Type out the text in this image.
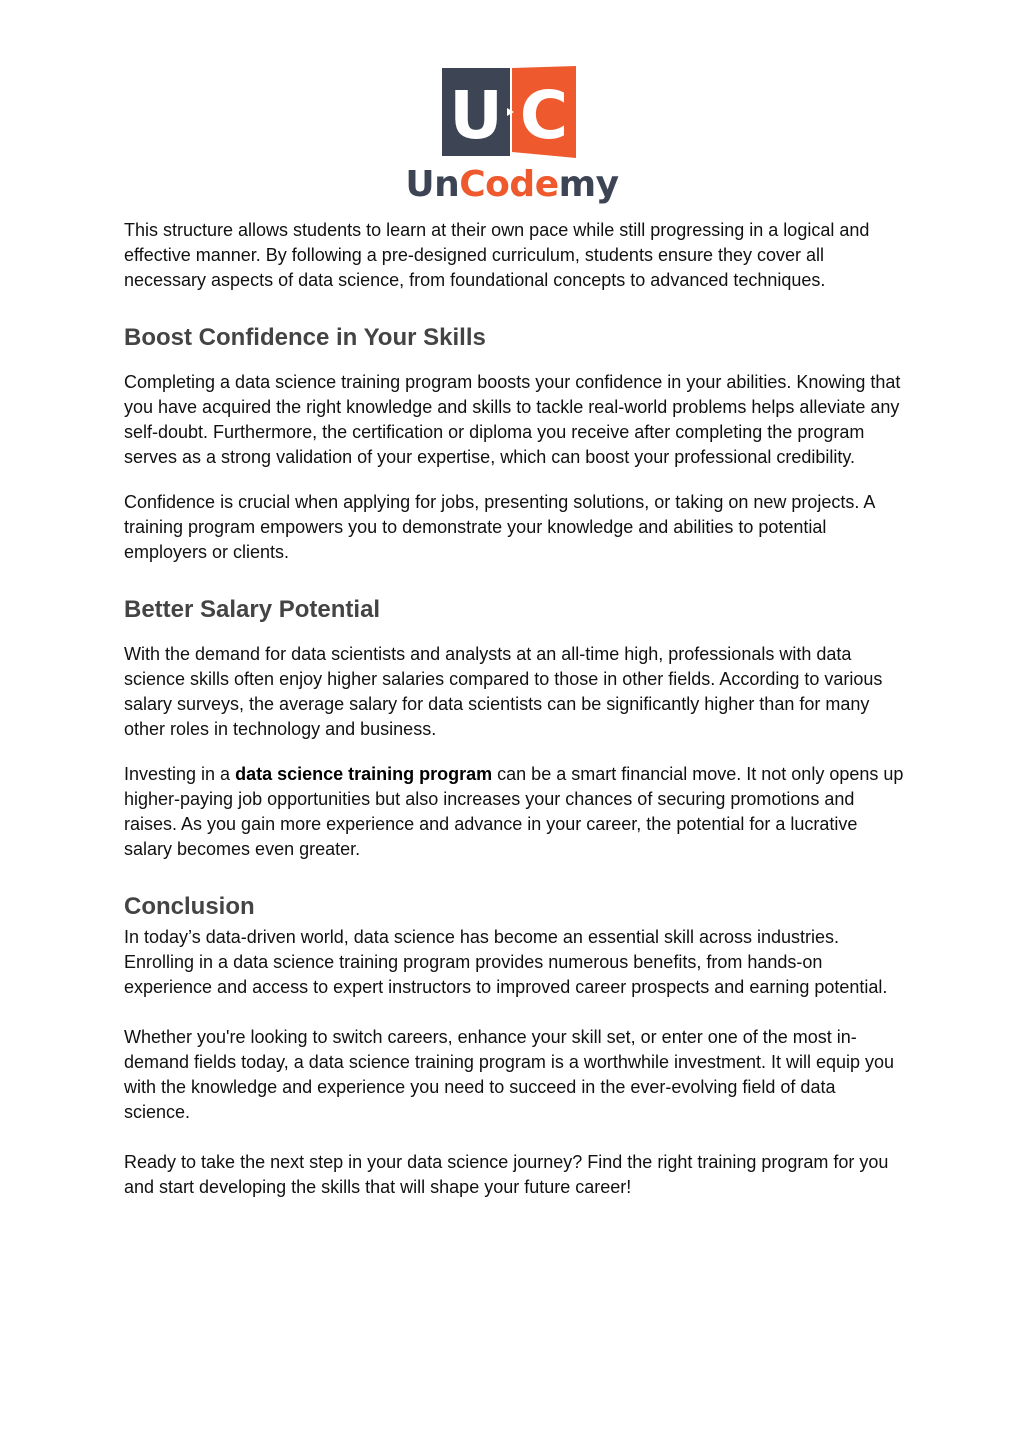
U C
UnCodemy

This structure allows students to learn at their own pace while still progressing in a logical and effective manner. By following a pre-designed curriculum, students ensure they cover all necessary aspects of data science, from foundational concepts to advanced techniques.

Boost Confidence in Your Skills

Completing a data science training program boosts your confidence in your abilities. Knowing that you have acquired the right knowledge and skills to tackle real-world problems helps alleviate any self-doubt. Furthermore, the certification or diploma you receive after completing the program serves as a strong validation of your expertise, which can boost your professional credibility.

Confidence is crucial when applying for jobs, presenting solutions, or taking on new projects. A training program empowers you to demonstrate your knowledge and abilities to potential employers or clients.

Better Salary Potential

With the demand for data scientists and analysts at an all-time high, professionals with data science skills often enjoy higher salaries compared to those in other fields. According to various salary surveys, the average salary for data scientists can be significantly higher than for many other roles in technology and business.

Investing in a data science training program can be a smart financial move. It not only opens up higher-paying job opportunities but also increases your chances of securing promotions and raises. As you gain more experience and advance in your career, the potential for a lucrative salary becomes even greater.

Conclusion

In today’s data-driven world, data science has become an essential skill across industries. Enrolling in a data science training program provides numerous benefits, from hands-on experience and access to expert instructors to improved career prospects and earning potential.

Whether you're looking to switch careers, enhance your skill set, or enter one of the most in-demand fields today, a data science training program is a worthwhile investment. It will equip you with the knowledge and experience you need to succeed in the ever-evolving field of data science.

Ready to take the next step in your data science journey? Find the right training program for you and start developing the skills that will shape your future career!
